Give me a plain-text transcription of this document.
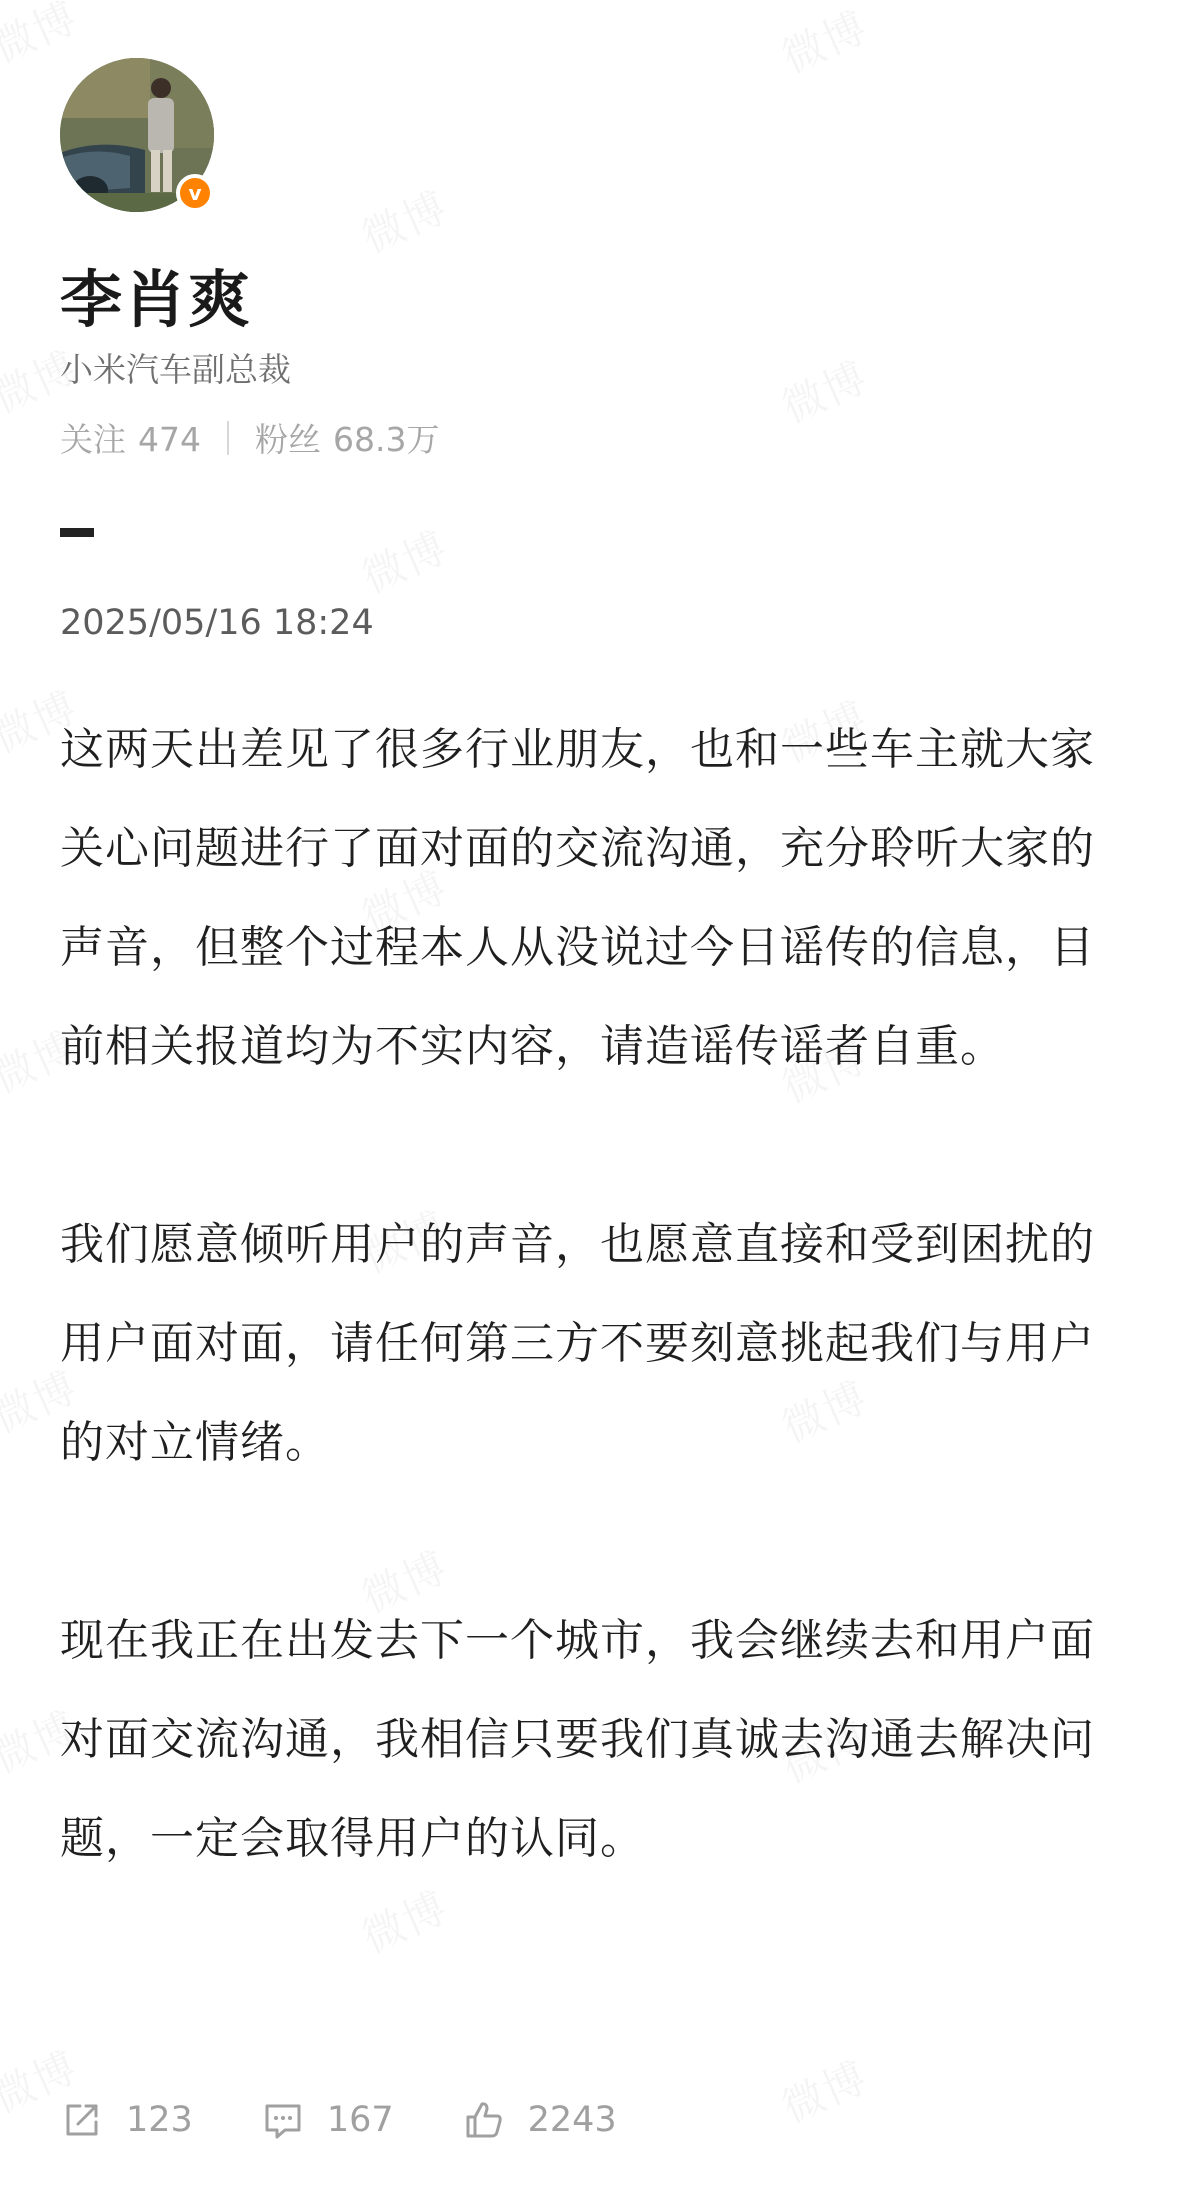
v
李肖爽
小米汽车副总裁
关注 474 粉丝 68.3万
2025/05/16 18:24

这两天出差见了很多行业朋友，也和一些车主就大家关心问题进行了面对面的交流沟通，充分聆听大家的声音，但整个过程本人从没说过今日谣传的信息，目前相关报道均为不实内容，请造谣传谣者自重。

我们愿意倾听用户的声音，也愿意直接和受到困扰的用户面对面，请任何第三方不要刻意挑起我们与用户的对立情绪。

现在我正在出发去下一个城市，我会继续去和用户面对面交流沟通，我相信只要我们真诚去沟通去解决问题，一定会取得用户的认同。

123	167	2243
